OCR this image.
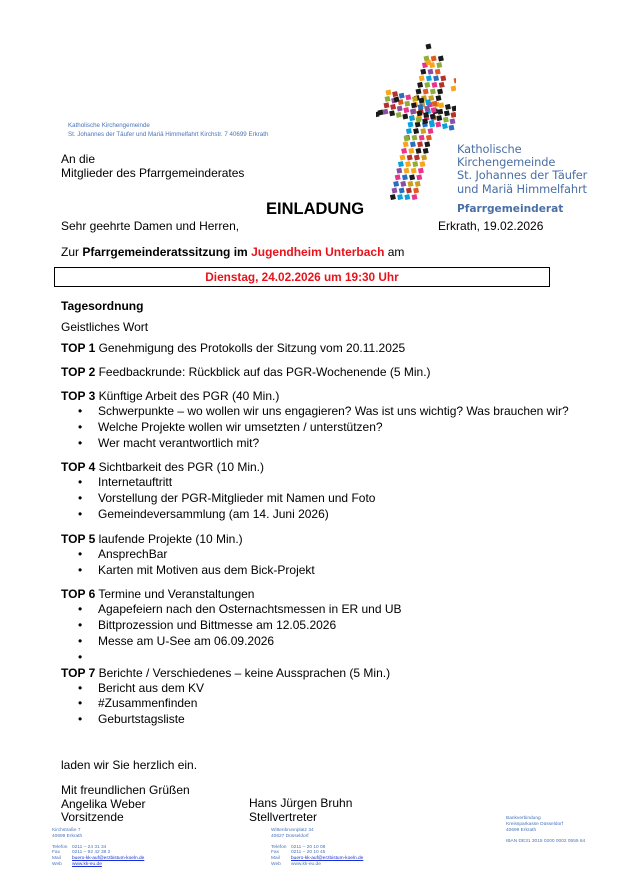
Katholische Kirchengemeinde
St. Johannes der Täufer und Mariä Himmelfahrt Kirchstr. 7 40699 Erkrath
An die
Mitglieder des Pfarrgemeinderates
Katholische
Kirchengemeinde
St. Johannes der Täufer
und Mariä Himmelfahrt
Pfarrgemeinderat
EINLADUNG
Sehr geehrte Damen und Herren,	Erkrath, 19.02.2026
Zur Pfarrgemeinderatssitzung im Jugendheim Unterbach am
Dienstag, 24.02.2026 um 19:30 Uhr
Tagesordnung
Geistliches Wort
TOP 1 Genehmigung des Protokolls der Sitzung vom 20.11.2025
TOP 2 Feedbackrunde: Rückblick auf das PGR-Wochenende (5 Min.)
TOP 3 Künftige Arbeit des PGR (40 Min.)
• Schwerpunkte – wo wollen wir uns engagieren? Was ist uns wichtig? Was brauchen wir?
• Welche Projekte wollen wir umsetzten / unterstützen?
• Wer macht verantwortlich mit?
TOP 4 Sichtbarkeit des PGR (10 Min.)
• Internetauftritt
• Vorstellung der PGR-Mitglieder mit Namen und Foto
• Gemeindeversammlung (am 14. Juni 2026)
TOP 5 laufende Projekte (10 Min.)
• AnsprechBar
• Karten mit Motiven aus dem Bick-Projekt
TOP 6 Termine und Veranstaltungen
• Agapefeiern nach den Osternachtsmessen in ER und UB
• Bittprozession und Bittmesse am 12.05.2026
• Messe am U-See am 06.09.2026
•
TOP 7 Berichte / Verschiedenes – keine Aussprachen (5 Min.)
• Bericht aus dem KV
• #Zusammenfinden
• Geburtstagsliste
laden wir Sie herzlich ein.
Mit freundlichen Grüßen
Angelika Weber
Vorsitzende
Hans Jürgen Bruhn
Stellvertreter
Kirchstraße 7
40699 Erkrath
Telefon 0211 – 24 31 34
Fax	0211 – 92 42 38 2
Mail	buero-kk-auf@erzbistum-koeln.de
Web	www.kk-eu.de
Wittenbrunnplatz 34
40627 Düsseldorf
Telefon 0211 – 20 10 08
Fax	0211 – 20 10 45
Mail	buero-kk-auf@erzbistum-koeln.de
Web	www.kk-eu.de
Bankverbindung
Kreissparkasse Düsseldorf
40699 Erkrath
IBAN DE31 3015 0200 0002 0555 64
